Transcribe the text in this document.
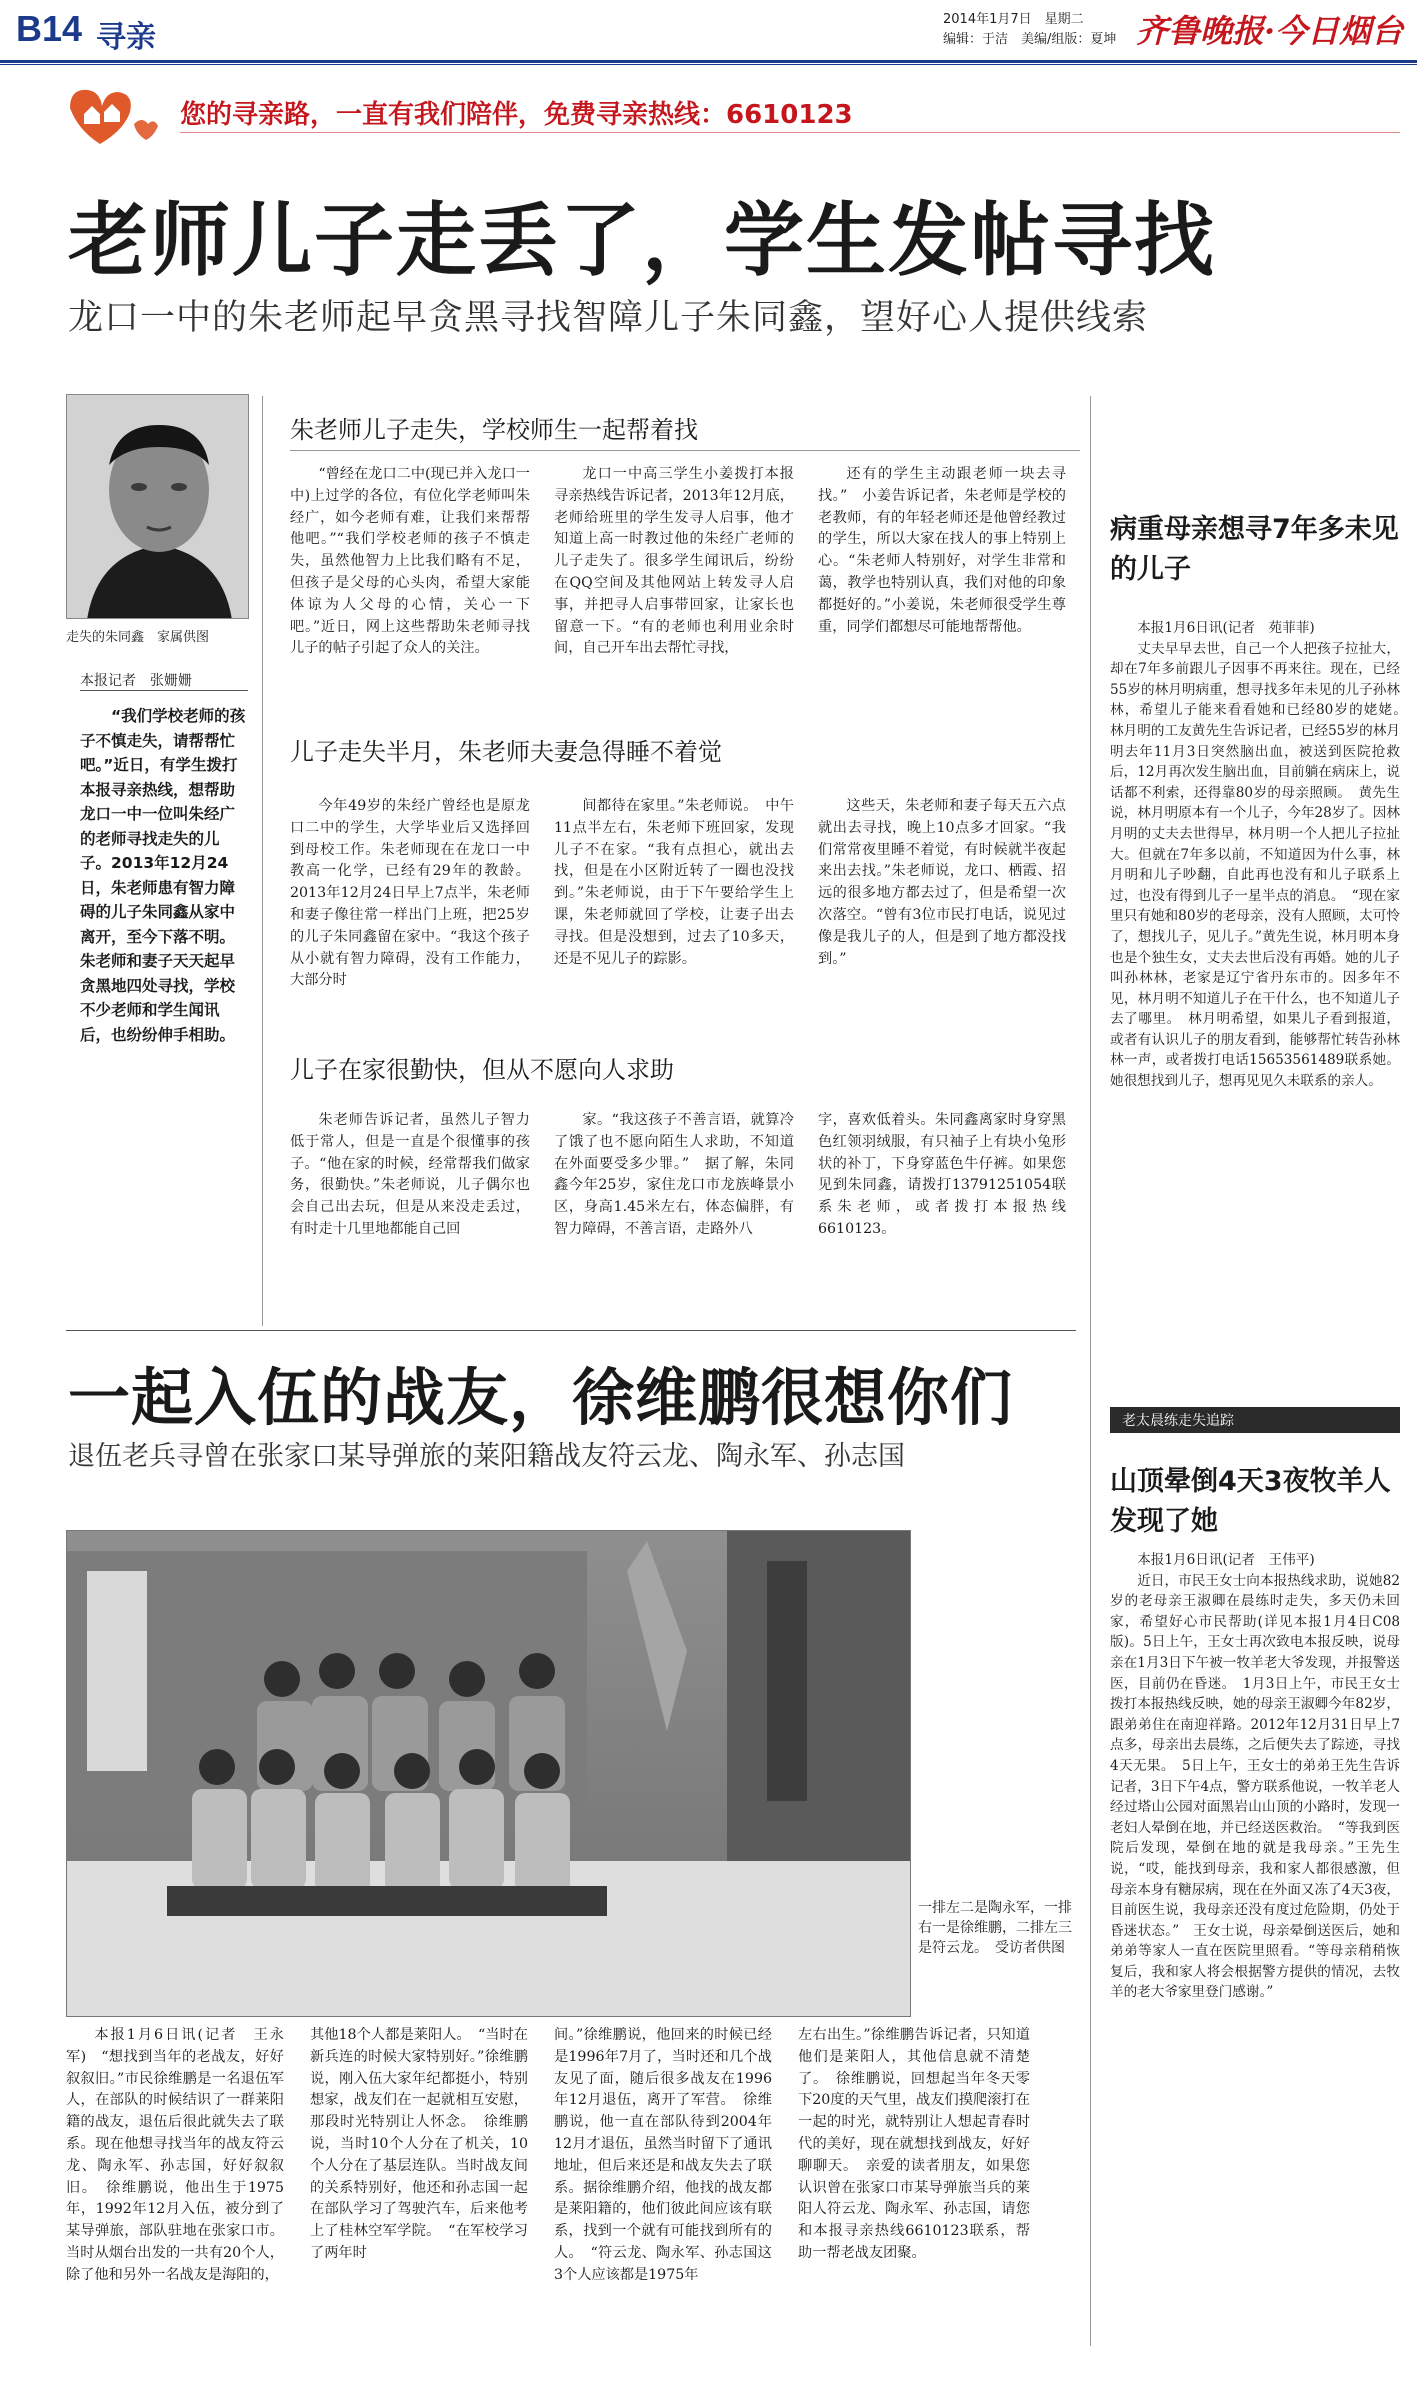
B14 寻亲
2014年1月7日　星期二
编辑：于洁　美编/组版：夏坤 齐鲁晚报·今日烟台
您的寻亲路，一直有我们陪伴，免费寻亲热线：6610123
老师儿子走丢了，学生发帖寻找
龙口一中的朱老师起早贪黑寻找智障儿子朱同鑫，望好心人提供线索
走失的朱同鑫　家属供图
本报记者　张姗姗
“我们学校老师的孩子不慎走失，请帮帮忙吧。”近日，有学生拨打本报寻亲热线，想帮助龙口一中一位叫朱经广的老师寻找走失的儿子。2013年12月24日，朱老师患有智力障碍的儿子朱同鑫从家中离开，至今下落不明。朱老师和妻子天天起早贪黑地四处寻找，学校不少老师和学生闻讯后，也纷纷伸手相助。
朱老师儿子走失，学校师生一起帮着找

“曾经在龙口二中(现已并入龙口一中)上过学的各位，有位化学老师叫朱经广，如今老师有难，让我们来帮帮他吧。”“我们学校老师的孩子不慎走失，虽然他智力上比我们略有不足，但孩子是父母的心头肉，希望大家能体谅为人父母的心情，关心一下吧。”近日，网上这些帮助朱老师寻找儿子的帖子引起了众人的关注。

龙口一中高三学生小姜拨打本报寻亲热线告诉记者，2013年12月底，老师给班里的学生发寻人启事，他才知道上高一时教过他的朱经广老师的儿子走失了。很多学生闻讯后，纷纷在QQ空间及其他网站上转发寻人启事，并把寻人启事带回家，让家长也留意一下。“有的老师也利用业余时间，自己开车出去帮忙寻找，

还有的学生主动跟老师一块去寻找。”　小姜告诉记者，朱老师是学校的老教师，有的年轻老师还是他曾经教过的学生，所以大家在找人的事上特别上心。“朱老师人特别好，对学生非常和蔼，教学也特别认真，我们对他的印象都挺好的。”小姜说，朱老师很受学生尊重，同学们都想尽可能地帮帮他。

儿子走失半月，朱老师夫妻急得睡不着觉

今年49岁的朱经广曾经也是原龙口二中的学生，大学毕业后又选择回到母校工作。朱老师现在在龙口一中教高一化学，已经有29年的教龄。2013年12月24日早上7点半，朱老师和妻子像往常一样出门上班，把25岁的儿子朱同鑫留在家中。“我这个孩子从小就有智力障碍，没有工作能力，大部分时

间都待在家里。”朱老师说。　中午11点半左右，朱老师下班回家，发现儿子不在家。“我有点担心，就出去找，但是在小区附近转了一圈也没找到。”朱老师说，由于下午要给学生上课，朱老师就回了学校，让妻子出去寻找。但是没想到，过去了10多天，还是不见儿子的踪影。

这些天，朱老师和妻子每天五六点就出去寻找，晚上10点多才回家。“我们常常夜里睡不着觉，有时候就半夜起来出去找。”朱老师说，龙口、栖霞、招远的很多地方都去过了，但是希望一次次落空。“曾有3位市民打电话，说见过像是我儿子的人，但是到了地方都没找到。”

儿子在家很勤快，但从不愿向人求助

朱老师告诉记者，虽然儿子智力低于常人，但是一直是个很懂事的孩子。“他在家的时候，经常帮我们做家务，很勤快。”朱老师说，儿子偶尔也会自己出去玩，但是从来没走丢过，有时走十几里地都能自己回

家。“我这孩子不善言语，就算冷了饿了也不愿向陌生人求助，不知道在外面要受多少罪。”　据了解，朱同鑫今年25岁，家住龙口市龙族峰景小区，身高1.45米左右，体态偏胖，有智力障碍，不善言语，走路外八

字，喜欢低着头。朱同鑫离家时身穿黑色红领羽绒服，有只袖子上有块小兔形状的补丁，下身穿蓝色牛仔裤。如果您见到朱同鑫，请拨打13791251054联系朱老师，或者拨打本报热线6610123。

病重母亲想寻7年多未见的儿子

本报1月6日讯(记者　苑菲菲)

丈夫早早去世，自己一个人把孩子拉扯大，却在7年多前跟儿子因事不再来往。现在，已经55岁的林月明病重，想寻找多年未见的儿子孙林林，希望儿子能来看看她和已经80岁的姥姥。　林月明的工友黄先生告诉记者，已经55岁的林月明去年11月3日突然脑出血，被送到医院抢救后，12月再次发生脑出血，目前躺在病床上，说话都不利索，还得靠80岁的母亲照顾。　黄先生说，林月明原本有一个儿子，今年28岁了。因林月明的丈夫去世得早，林月明一个人把儿子拉扯大。但就在7年多以前，不知道因为什么事，林月明和儿子吵翻，自此再也没有和儿子联系上过，也没有得到儿子一星半点的消息。　“现在家里只有她和80岁的老母亲，没有人照顾，太可怜了，想找儿子，见儿子。”黄先生说，林月明本身也是个独生女，丈夫去世后没有再婚。她的儿子叫孙林林，老家是辽宁省丹东市的。因多年不见，林月明不知道儿子在干什么，也不知道儿子去了哪里。　林月明希望，如果儿子看到报道，或者有认识儿子的朋友看到，能够帮忙转告孙林林一声，或者拨打电话15653561489联系她。她很想找到儿子，想再见见久未联系的亲人。

老太晨练走失追踪
山顶晕倒4天3夜牧羊人发现了她

本报1月6日讯(记者　王伟平)

近日，市民王女士向本报热线求助，说她82岁的老母亲王淑卿在晨练时走失，多天仍未回家，希望好心市民帮助(详见本报1月4日C08版)。5日上午，王女士再次致电本报反映，说母亲在1月3日下午被一牧羊老大爷发现，并报警送医，目前仍在昏迷。　1月3日上午，市民王女士拨打本报热线反映，她的母亲王淑卿今年82岁，跟弟弟住在南迎祥路。2012年12月31日早上7点多，母亲出去晨练，之后便失去了踪迹，寻找4天无果。　5日上午，王女士的弟弟王先生告诉记者，3日下午4点，警方联系他说，一牧羊老人经过塔山公园对面黑岩山山顶的小路时，发现一老妇人晕倒在地，并已经送医救治。　“等我到医院后发现，晕倒在地的就是我母亲。”王先生说，“哎，能找到母亲，我和家人都很感激，但母亲本身有糖尿病，现在在外面又冻了4天3夜，目前医生说，我母亲还没有度过危险期，仍处于昏迷状态。”　王女士说，母亲晕倒送医后，她和弟弟等家人一直在医院里照看。“等母亲稍稍恢复后，我和家人将会根据警方提供的情况，去牧羊的老大爷家里登门感谢。”

一起入伍的战友，徐维鹏很想你们
退伍老兵寻曾在张家口某导弹旅的莱阳籍战友符云龙、陶永军、孙志国
一排左二是陶永军，一排右一是徐维鹏，二排左三是符云龙。　受访者供图

本报1月6日讯(记者　王永军)　“想找到当年的老战友，好好叙叙旧。”市民徐维鹏是一名退伍军人，在部队的时候结识了一群莱阳籍的战友，退伍后很此就失去了联系。现在他想寻找当年的战友符云龙、陶永军、孙志国，好好叙叙旧。　徐维鹏说，他出生于1975年，1992年12月入伍，被分到了某导弹旅，部队驻地在张家口市。当时从烟台出发的一共有20个人，除了他和另外一名战友是海阳的，

其他18个人都是莱阳人。　“当时在新兵连的时候大家特别好。”徐维鹏说，刚入伍大家年纪都挺小，特别想家，战友们在一起就相互安慰，那段时光特别让人怀念。　徐维鹏说，当时10个人分在了机关，10个人分在了基层连队。当时战友间的关系特别好，他还和孙志国一起在部队学习了驾驶汽车，后来他考上了桂林空军学院。　“在军校学习了两年时

间。”徐维鹏说，他回来的时候已经是1996年7月了，当时还和几个战友见了面，随后很多战友在1996年12月退伍，离开了军营。　徐维鹏说，他一直在部队待到2004年12月才退伍，虽然当时留下了通讯地址，但后来还是和战友失去了联系。据徐维鹏介绍，他找的战友都是莱阳籍的，他们彼此间应该有联系，找到一个就有可能找到所有的人。　“符云龙、陶永军、孙志国这3个人应该都是1975年

左右出生。”徐维鹏告诉记者，只知道他们是莱阳人，其他信息就不清楚了。　徐维鹏说，回想起当年冬天零下20度的天气里，战友们摸爬滚打在一起的时光，就特别让人想起青春时代的美好，现在就想找到战友，好好聊聊天。　亲爱的读者朋友，如果您认识曾在张家口市某导弹旅当兵的莱阳人符云龙、陶永军、孙志国，请您和本报寻亲热线6610123联系，帮助一帮老战友团聚。
